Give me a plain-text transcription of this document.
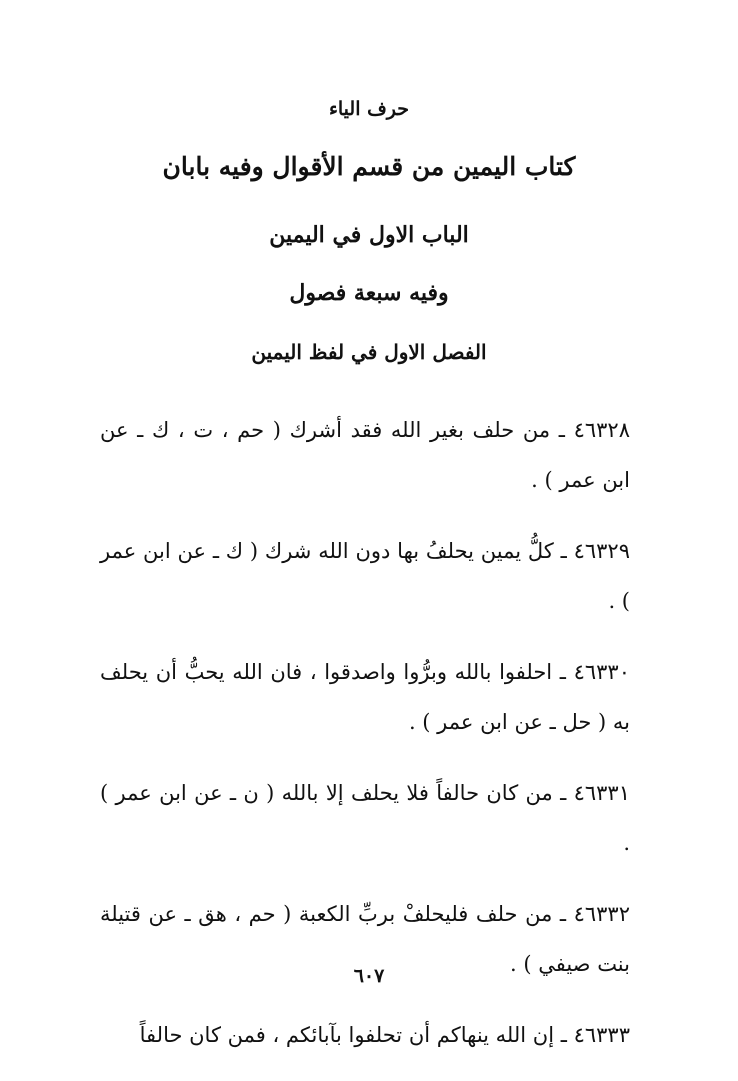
حرف الياء
كتاب اليمين من قسم الأقوال وفيه بابان
الباب الاول في اليمين
وفيه سبعة فصول
الفصل الاول في لفظ اليمين
٤٦٣٢٨ ـ من حلف بغير الله فقد أشرك ( حم ، ت ، ك ـ عن ابن عمر ) .
٤٦٣٢٩ ـ كلُّ يمين يحلفُ بها دون الله شرك ( ك ـ عن ابن عمر ) .
٤٦٣٣٠ ـ احلفوا بالله وبرُّوا واصدقوا ، فان الله يحبُّ أن يحلف به ( حل ـ عن ابن عمر ) .
٤٦٣٣١ ـ من كان حالفاً فلا يحلف إلا بالله ( ن ـ عن ابن عمر ) .
٤٦٣٣٢ ـ من حلف فليحلفْ بربِّ الكعبة ( حم ، هق ـ عن قتيلة بنت صيفي ) .
٤٦٣٣٣ ـ إن الله ينهاكم أن تحلفوا بآبائكم ، فمن كان حالفاً
٦٠٧
